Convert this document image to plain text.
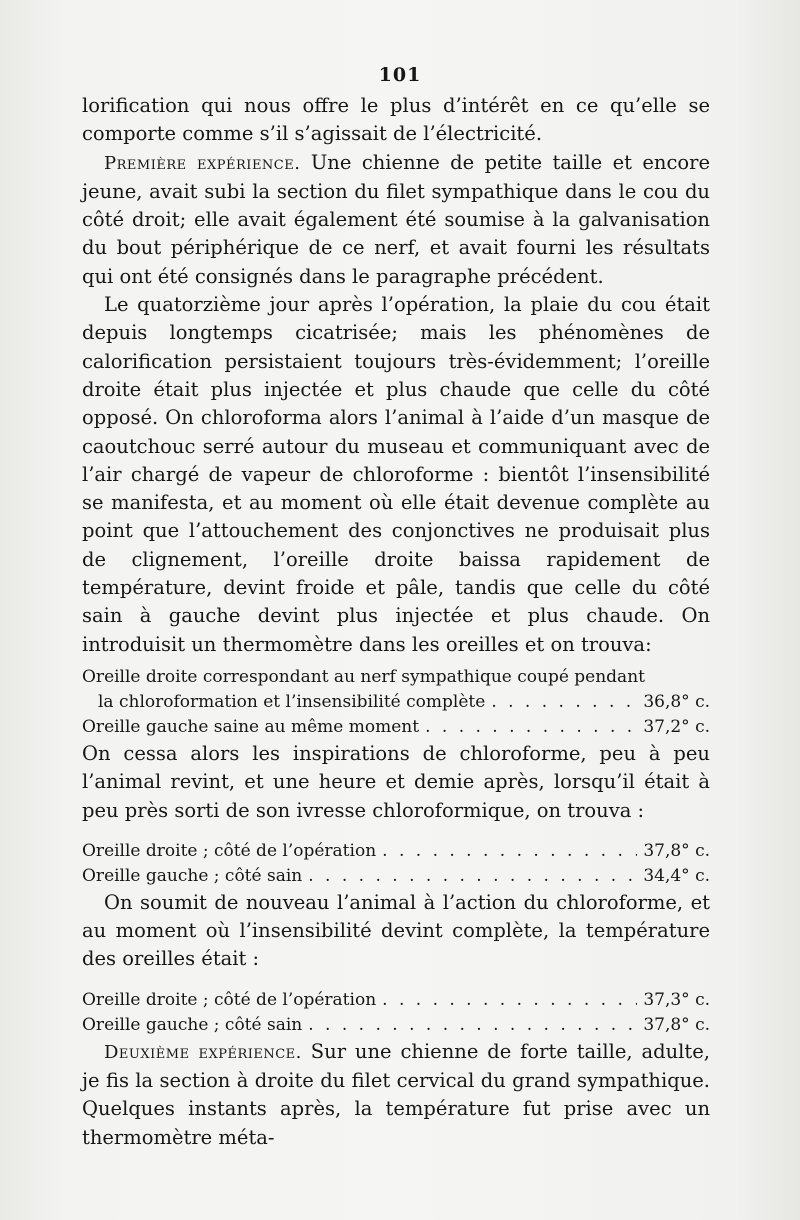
101

lorification qui nous offre le plus d’intérêt en ce qu’elle se comporte comme s’il s’agissait de l’électricité.

Première expérience. Une chienne de petite taille et encore jeune, avait subi la section du filet sympathique dans le cou du côté droit; elle avait également été soumise à la galvanisation du bout périphérique de ce nerf, et avait fourni les résultats qui ont été consignés dans le paragraphe précédent.

Le quatorzième jour après l’opération, la plaie du cou était depuis longtemps cicatrisée; mais les phénomènes de calorification persistaient toujours très-évidemment; l’oreille droite était plus injectée et plus chaude que celle du côté opposé. On chloroforma alors l’animal à l’aide d’un masque de caoutchouc serré autour du museau et communiquant avec de l’air chargé de vapeur de chloroforme : bientôt l’insensibilité se manifesta, et au moment où elle était devenue complète au point que l’attouchement des conjonctives ne produisait plus de clignement, l’oreille droite baissa rapidement de température, devint froide et pâle, tandis que celle du côté sain à gauche devint plus injectée et plus chaude. On introduisit un thermomètre dans les oreilles et on trouva:

Oreille droite correspondant au nerf sympathique coupé pendant
la chloroformation et l’insensibilité complète . . .	36,8° c.
Oreille gauche saine au même moment . . .	37,2° c.

On cessa alors les inspirations de chloroforme, peu à peu l’animal revint, et une heure et demie après, lorsqu’il était à peu près sorti de son ivresse chloroformique, on trouva :

Oreille droite ; côté de l’opération . . .	37,8° c.
Oreille gauche ; côté sain . . .	34,4° c.

On soumit de nouveau l’animal à l’action du chloroforme, et au moment où l’insensibilité devint complète, la température des oreilles était :

Oreille droite ; côté de l’opération . . .	37,3° c.
Oreille gauche ; côté sain . . .	37,8° c.

Deuxième expérience. Sur une chienne de forte taille, adulte, je fis la section à droite du filet cervical du grand sympathique. Quelques instants après, la température fut prise avec un thermomètre méta-
